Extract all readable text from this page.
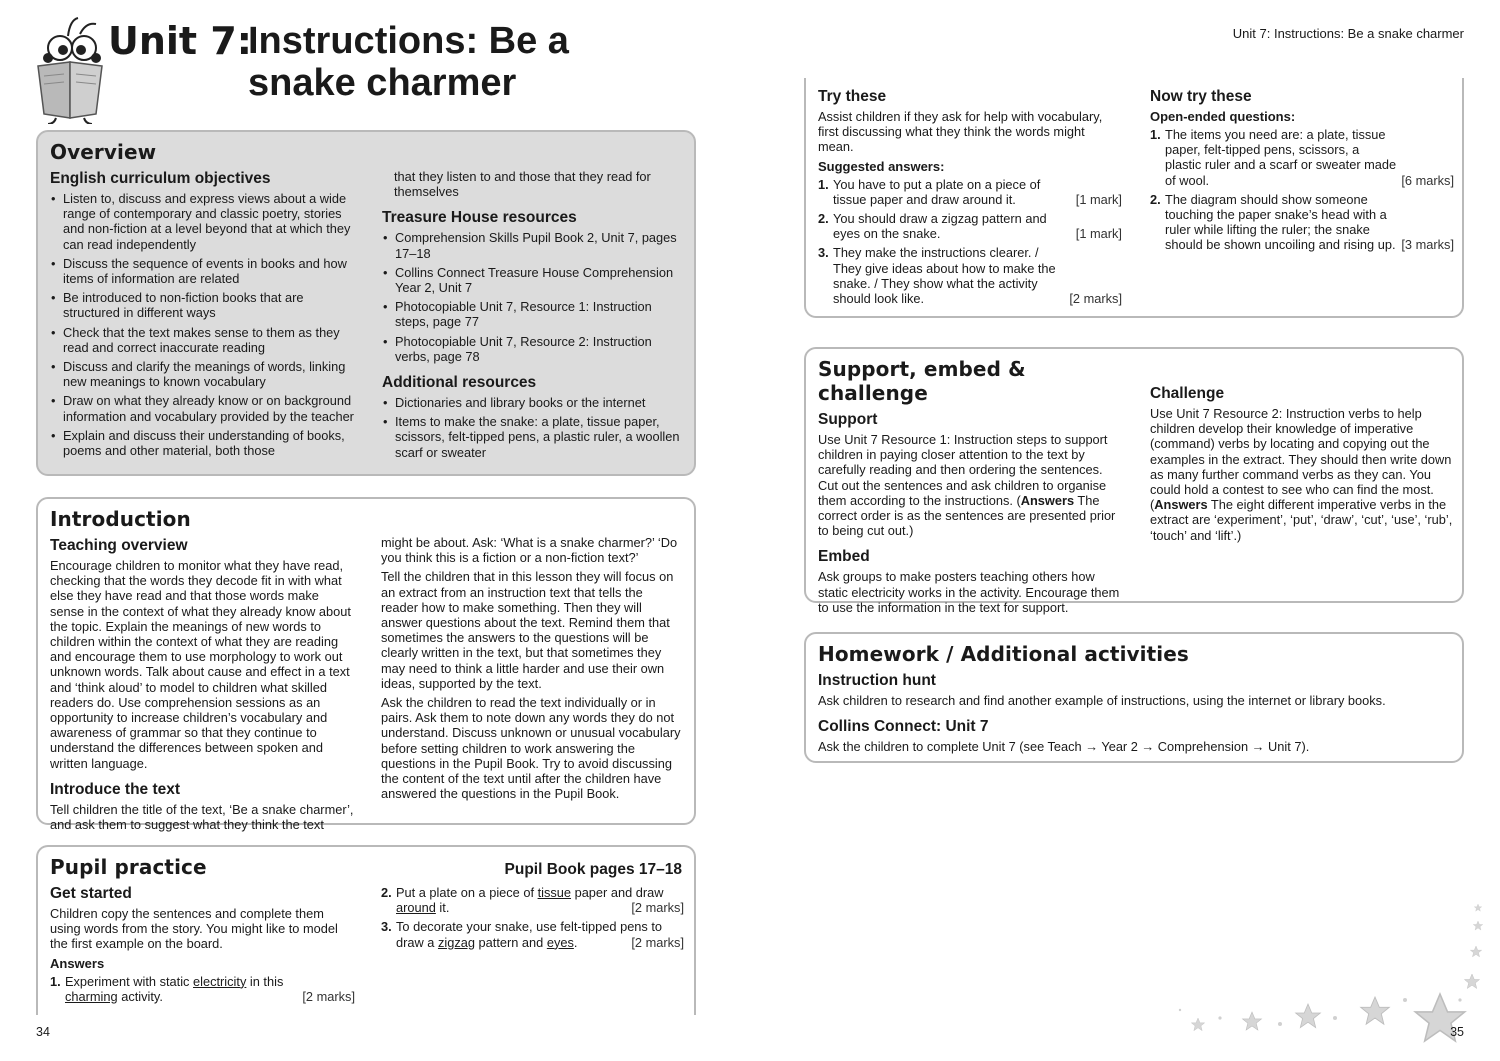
Unit 7:
Instructions: Be a
snake charmer
Overview
English curriculum objectives
• Listen to, discuss and express views about a wide range of contemporary and classic poetry, stories and non-fiction at a level beyond that at which they can read independently
• Discuss the sequence of events in books and how items of information are related
• Be introduced to non-fiction books that are structured in different ways
• Check that the text makes sense to them as they read and correct inaccurate reading
• Discuss and clarify the meanings of words, linking new meanings to known vocabulary
• Draw on what they already know or on background information and vocabulary provided by the teacher
• Explain and discuss their understanding of books, poems and other material, both those

that they listen to and those that they read for themselves

Treasure House resources
• Comprehension Skills Pupil Book 2, Unit 7, pages 17–18
• Collins Connect Treasure House Comprehension Year 2, Unit 7
• Photocopiable Unit 7, Resource 1: Instruction steps, page 77
• Photocopiable Unit 7, Resource 2: Instruction verbs, page 78
Additional resources
• Dictionaries and library books or the internet
• Items to make the snake: a plate, tissue paper, scissors, felt-tipped pens, a plastic ruler, a woollen scarf or sweater
Introduction
Teaching overview

Encourage children to monitor what they have read, checking that the words they decode fit in with what else they have read and that those words make sense in the context of what they already know about the topic. Explain the meanings of new words to children within the context of what they are reading and encourage them to use morphology to work out unknown words. Talk about cause and effect in a text and ‘think aloud’ to model to children what skilled readers do. Use comprehension sessions as an opportunity to increase children’s vocabulary and awareness of grammar so that they continue to understand the differences between spoken and written language.

Introduce the text

Tell children the title of the text, ‘Be a snake charmer’, and ask them to suggest what they think the text

might be about. Ask: ‘What is a snake charmer?’ ‘Do you think this is a fiction or a non-fiction text?’

Tell the children that in this lesson they will focus on an extract from an instruction text that tells the reader how to make something. Then they will answer questions about the text. Remind them that sometimes the answers to the questions will be clearly written in the text, but that sometimes they may need to think a little harder and use their own ideas, supported by the text.

Ask the children to read the text individually or in pairs. Ask them to note down any words they do not understand. Discuss unknown or unusual vocabulary before setting children to work answering the questions in the Pupil Book. Try to avoid discussing the content of the text until after the children have answered the questions in the Pupil Book.

Pupil practice
Get started

Children copy the sentences and complete them using words from the story. You might like to model the first example on the board.

Answers
1. Experiment with static electricity in this
charming activity.	[2 marks]
Pupil Book pages 17–18
2. Put a plate on a piece of tissue paper and draw around it.	[2 marks]
3. To decorate your snake, use felt-tipped pens to draw a zigzag pattern and eyes.	[2 marks]
34
Unit 7: Instructions: Be a snake charmer
Try these

Assist children if they ask for help with vocabulary, first discussing what they think the words might mean.

Suggested answers:
1. You have to put a plate on a piece of tissue paper and draw around it.	[1 mark]
2. You should draw a zigzag pattern and eyes on the snake.	[1 mark]
3. They make the instructions clearer. / They give ideas about how to make the snake. / They show what the activity should look like.	[2 marks]
Now try these
Open-ended questions:
1. The items you need are: a plate, tissue paper, felt-tipped pens, scissors, a plastic ruler and a scarf or sweater made of wool.	[6 marks]
2. The diagram should show someone touching the paper snake’s head with a ruler while lifting the ruler; the snake should be shown uncoiling and rising up. [3 marks]
Support, embed & challenge
Support

Use Unit 7 Resource 1: Instruction steps to support children in paying closer attention to the text by carefully reading and then ordering the sentences. Cut out the sentences and ask children to organise them according to the instructions. (Answers The correct order is as the sentences are presented prior to being cut out.)

Embed

Ask groups to make posters teaching others how static electricity works in the activity. Encourage them to use the information in the text for support.

Challenge

Use Unit 7 Resource 2: Instruction verbs to help children develop their knowledge of imperative (command) verbs by locating and copying out the examples in the extract. They should then write down as many further command verbs as they can. You could hold a contest to see who can find the most. (Answers The eight different imperative verbs in the extract are ‘experiment’, ‘put’, ‘draw’, ‘cut’, ‘use’, ‘rub’, ‘touch’ and ‘lift’.)

Homework / Additional activities
Instruction hunt

Ask children to research and find another example of instructions, using the internet or library books.

Collins Connect: Unit 7

Ask the children to complete Unit 7 (see Teach → Year 2 → Comprehension → Unit 7).

35
